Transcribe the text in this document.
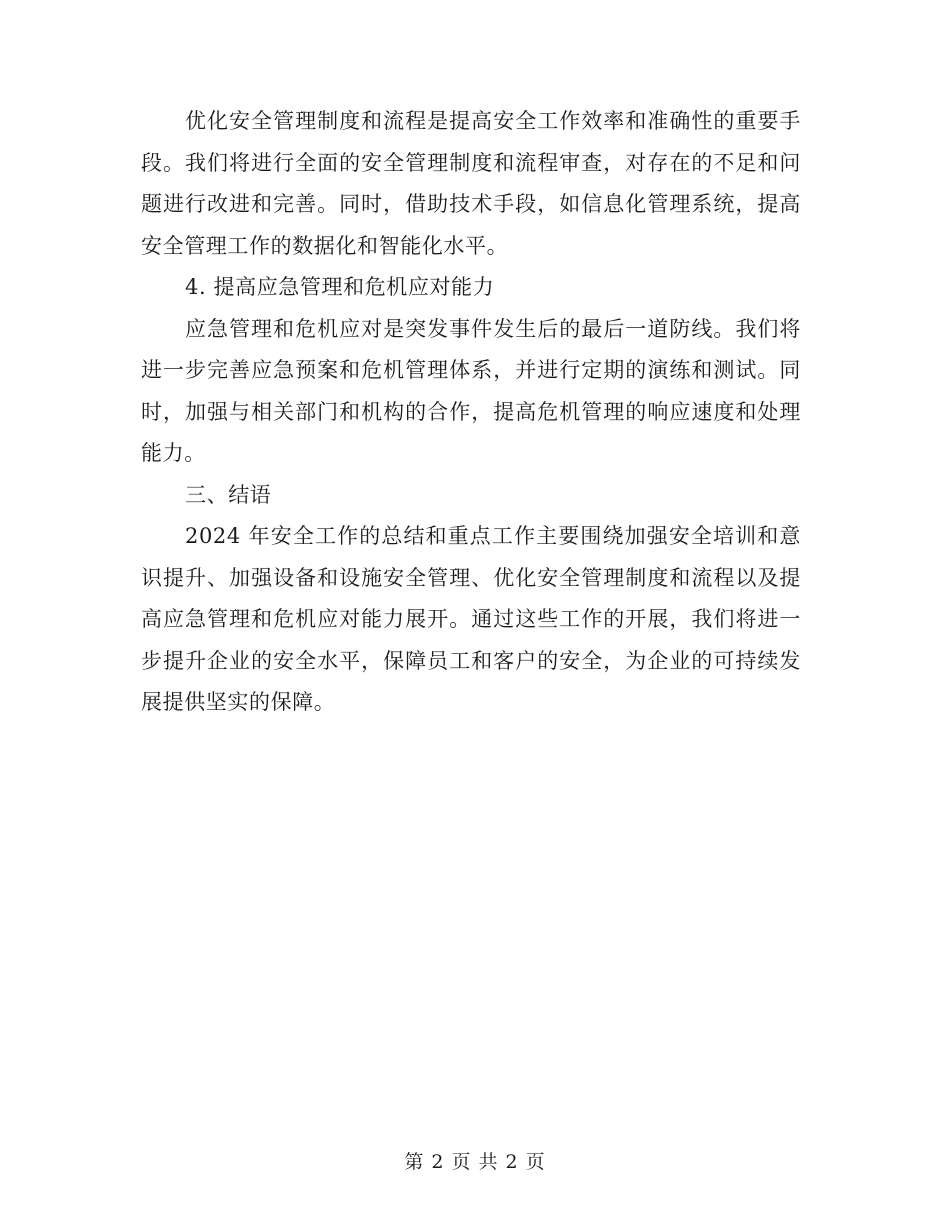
优化安全管理制度和流程是提高安全工作效率和准确性的重要手段。我们将进行全面的安全管理制度和流程审查，对存在的不足和问题进行改进和完善。同时，借助技术手段，如信息化管理系统，提高安全管理工作的数据化和智能化水平。

4. 提高应急管理和危机应对能力

应急管理和危机应对是突发事件发生后的最后一道防线。我们将进一步完善应急预案和危机管理体系，并进行定期的演练和测试。同时，加强与相关部门和机构的合作，提高危机管理的响应速度和处理能力。

三、结语

2024 年安全工作的总结和重点工作主要围绕加强安全培训和意识提升、加强设备和设施安全管理、优化安全管理制度和流程以及提高应急管理和危机应对能力展开。通过这些工作的开展，我们将进一步提升企业的安全水平，保障员工和客户的安全，为企业的可持续发展提供坚实的保障。

第 2 页 共 2 页
